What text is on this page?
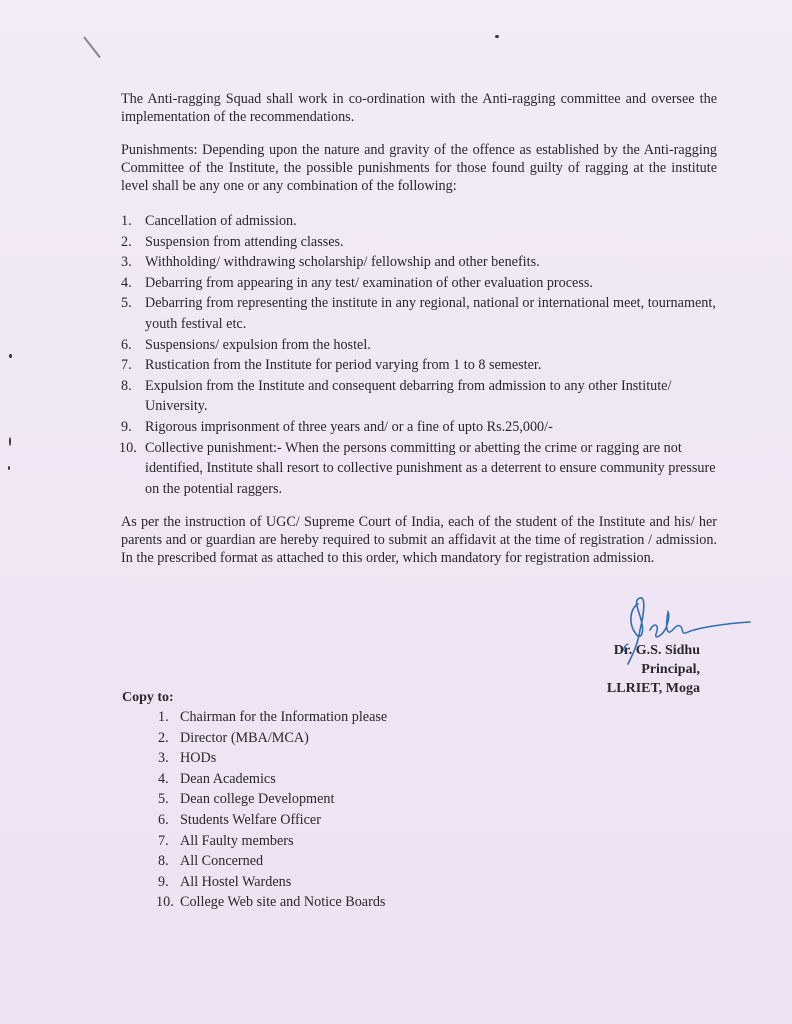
The Anti-ragging Squad shall work in co-ordination with the Anti-ragging committee and oversee the implementation of the recommendations.

Punishments: Depending upon the nature and gravity of the offence as established by the Anti-ragging Committee of the Institute, the possible punishments for those found guilty of ragging at the institute level shall be any one or any combination of the following:

1. Cancellation of admission.
2. Suspension from attending classes.
3. Withholding/ withdrawing scholarship/ fellowship and other benefits.
4. Debarring from appearing in any test/ examination of other evaluation process.
5. Debarring from representing the institute in any regional, national or international meet, tournament, youth festival etc.
6. Suspensions/ expulsion from the hostel.
7. Rustication from the Institute for period varying from 1 to 8 semester.
8. Expulsion from the Institute and consequent debarring from admission to any other Institute/ University.
9. Rigorous imprisonment of three years and/ or a fine of upto Rs.25,000/-
10. Collective punishment:- When the persons committing or abetting the crime or ragging are not identified, Institute shall resort to collective punishment as a deterrent to ensure community pressure on the potential raggers.

As per the instruction of UGC/ Supreme Court of India, each of the student of the Institute and his/ her parents and or guardian are hereby required to submit an affidavit at the time of registration / admission. In the prescribed format as attached to this order, which mandatory for registration admission.

Dr. G.S. Sidhu
Principal,
LLRIET, Moga
Copy to:
1. Chairman for the Information please
2. Director (MBA/MCA)
3. HODs
4. Dean Academics
5. Dean college Development
6. Students Welfare Officer
7. All Faulty members
8. All Concerned
9. All Hostel Wardens
10. College Web site and Notice Boards
